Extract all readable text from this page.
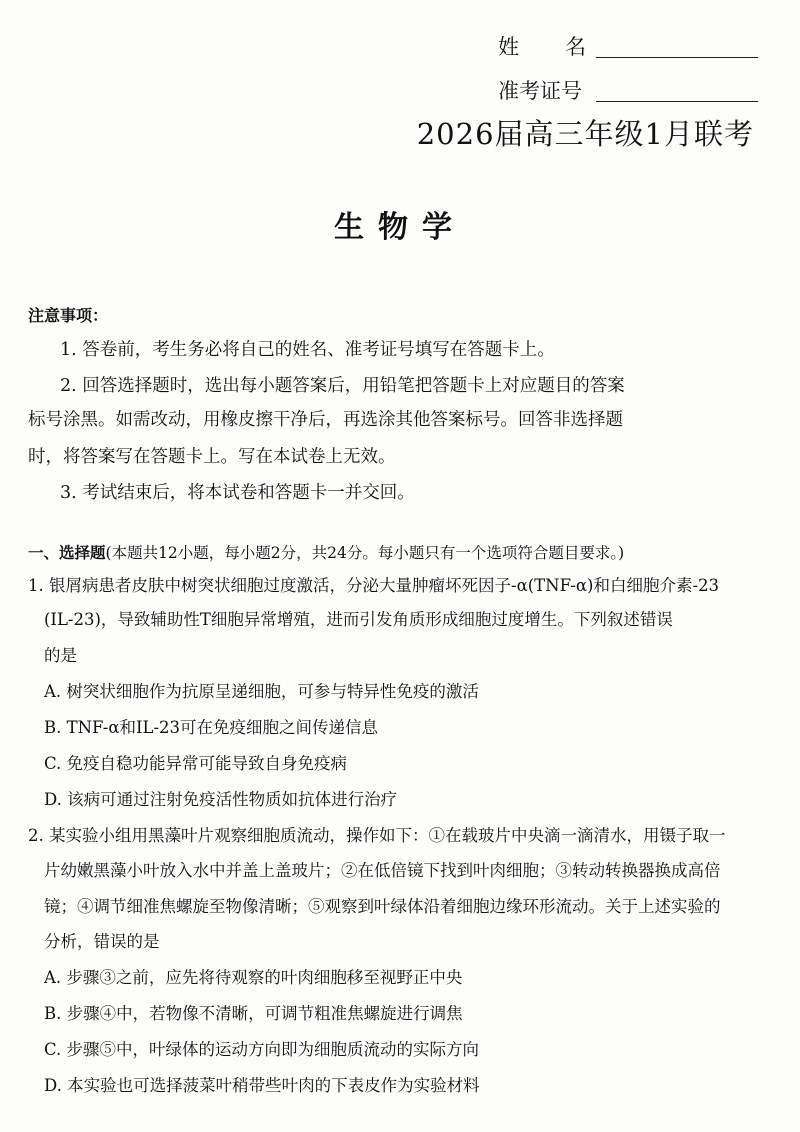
姓名
准考证号
2026届高三年级1月联考
生物学
注意事项：
1. 答卷前，考生务必将自己的姓名、准考证号填写在答题卡上。
2. 回答选择题时，选出每小题答案后，用铅笔把答题卡上对应题目的答案
标号涂黑。如需改动，用橡皮擦干净后，再选涂其他答案标号。回答非选择题
时，将答案写在答题卡上。写在本试卷上无效。
3. 考试结束后，将本试卷和答题卡一并交回。
一、选择题(本题共12小题，每小题2分，共24分。每小题只有一个选项符合题目要求。)
1. 银屑病患者皮肤中树突状细胞过度激活，分泌大量肿瘤坏死因子-α(TNF-α)和白细胞介素-23
(IL-23)，导致辅助性T细胞异常增殖，进而引发角质形成细胞过度增生。下列叙述错误
的是
A. 树突状细胞作为抗原呈递细胞，可参与特异性免疫的激活
B. TNF-α和IL-23可在免疫细胞之间传递信息
C. 免疫自稳功能异常可能导致自身免疫病
D. 该病可通过注射免疫活性物质如抗体进行治疗
2. 某实验小组用黑藻叶片观察细胞质流动，操作如下：①在载玻片中央滴一滴清水，用镊子取一
片幼嫩黑藻小叶放入水中并盖上盖玻片；②在低倍镜下找到叶肉细胞；③转动转换器换成高倍
镜；④调节细准焦螺旋至物像清晰；⑤观察到叶绿体沿着细胞边缘环形流动。关于上述实验的
分析，错误的是
A. 步骤③之前，应先将待观察的叶肉细胞移至视野正中央
B. 步骤④中，若物像不清晰，可调节粗准焦螺旋进行调焦
C. 步骤⑤中，叶绿体的运动方向即为细胞质流动的实际方向
D. 本实验也可选择菠菜叶稍带些叶肉的下表皮作为实验材料
